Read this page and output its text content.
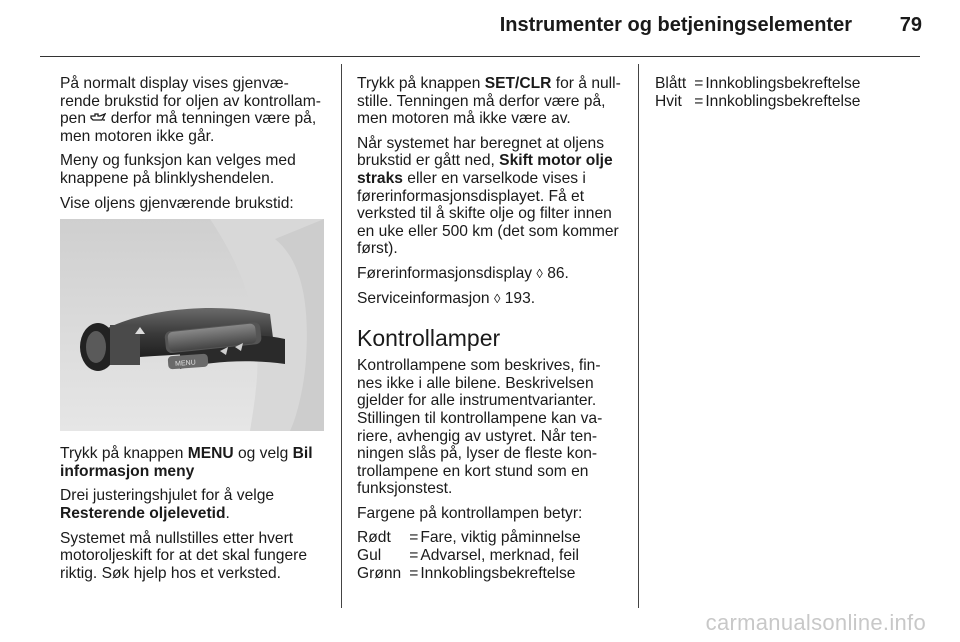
Instrumenter og betjeningselementer 79

På normalt display vises gjenvæ-rende brukstid for oljen av kontrollam-pen derfor må tenningen være på, men motoren ikke går.

Meny og funksjon kan velges med knappene på blinklyshendelen.

Vise oljens gjenværende brukstid:

MENU

Trykk på knappen MENU og velg Bil informasjon meny

Drei justeringshjulet for å velge Resterende oljelevetid.

Systemet må nullstilles etter hvert motoroljeskift for at det skal fungere riktig. Søk hjelp hos et verksted.

Trykk på knappen SET/CLR for å null-stille. Tenningen må derfor være på, men motoren må ikke være av.

Når systemet har beregnet at oljens brukstid er gått ned, Skift motor olje straks eller en varselkode vises i førerinformasjonsdisplayet. Få et verksted til å skifte olje og filter innen en uke eller 500 km (det som kommer først).

Førerinformasjonsdisplay ◊ 86.

Serviceinformasjon ◊ 193.

Kontrollamper

Kontrollampene som beskrives, fin-nes ikke i alle bilene. Beskrivelsen gjelder for alle instrumentvarianter. Stillingen til kontrollampene kan va-riere, avhengig av ustyret. Når ten-ningen slås på, lyser de fleste kon-trollampene en kort stund som en funksjonstest.

Fargene på kontrollampen betyr:

Rødt	=	Fare, viktig påminnelse
Gul	=	Advarsel, merknad, feil
Grønn	=	Innkoblingsbekreftelse
Blått	=	Innkoblingsbekreftelse
Hvit	=	Innkoblingsbekreftelse
carmanualsonline.info
